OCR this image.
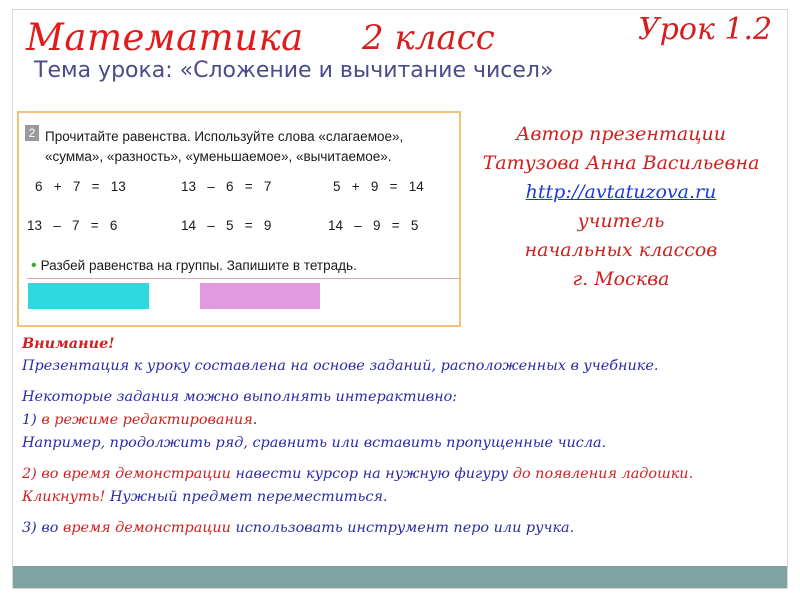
Математика 2 класс	Урок 1.2
Тема урока: «Сложение и вычитание чисел»
2 Прочитайте равенства. Используйте слова «слагаемое»,
«сумма», «разность», «уменьшаемое», «вычитаемое».
6   +   7   =   13	13   –   6   =   7	5   +   9   =   14
13   –   7   =   6	14   –   5   =   9	14   –   9   =   5
• Разбей равенства на группы. Запишите в тетрадь.
Автор презентации
Татузова Анна Васильевна
http://avtatuzova.ru
учитель
начальных классов
г. Москва
Внимание!

Презентация к уроку составлена на основе заданий, расположенных в учебнике.

Некоторые задания можно выполнять интерактивно:
1) в режиме редактирования.
Например, продолжить ряд, сравнить или вставить пропущенные числа.

2) во время демонстрации навести курсор на нужную фигуру до появления ладошки.
Кликнуть! Нужный предмет переместиться.

3) во время демонстрации использовать инструмент перо или ручка.
